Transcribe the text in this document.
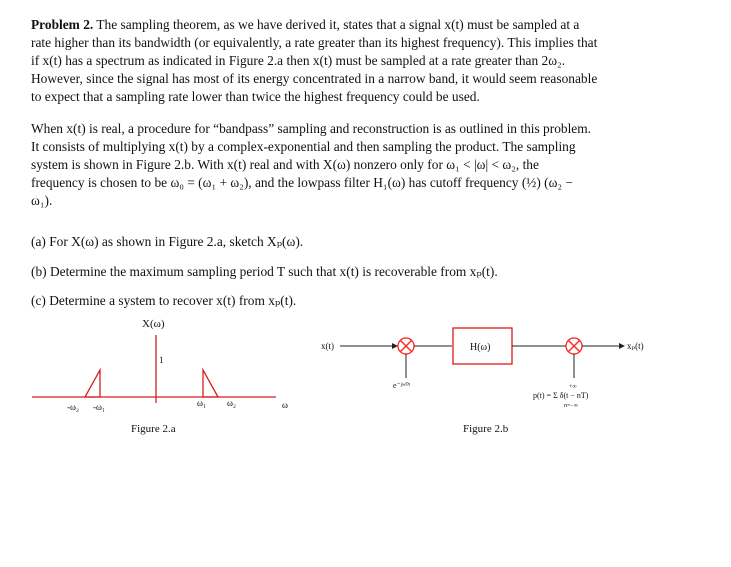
Problem 2. The sampling theorem, as we have derived it, states that a signal x(t) must be sampled at a
rate higher than its bandwidth (or equivalently, a rate greater than its highest frequency). This implies that
if x(t) has a spectrum as indicated in Figure 2.a then x(t) must be sampled at a rate greater than 2ω₂.
However, since the signal has most of its energy concentrated in a narrow band, it would seem reasonable
to expect that a sampling rate lower than twice the highest frequency could be used.
When x(t) is real, a procedure for “bandpass” sampling and reconstruction is as outlined in this problem.
It consists of multiplying x(t) by a complex-exponential and then sampling the product. The sampling
system is shown in Figure 2.b. With x(t) real and with X(ω) nonzero only for ω₁ < |ω| < ω₂, the
frequency is chosen to be ω₀ = (ω₁ + ω₂), and the lowpass filter H₁(ω) has cutoff frequency (½) (ω₂ −
ω₁).
(a) For X(ω) as shown in Figure 2.a, sketch Xₚ(ω).
(b) Determine the maximum sampling period T such that x(t) is recoverable from xₚ(t).
(c) Determine a system to recover x(t) from xₚ(t).
X(ω)
1
-ω₂ -ω₁	ω₁ ω₂	ω
Figure 2.a
x(t)
e⁻ʲʷ⁰ᵗ
H(ω)	xₚ(t)
+∞
p(t) = Σ δ(t − nT)
n=−∞
Figure 2.b
